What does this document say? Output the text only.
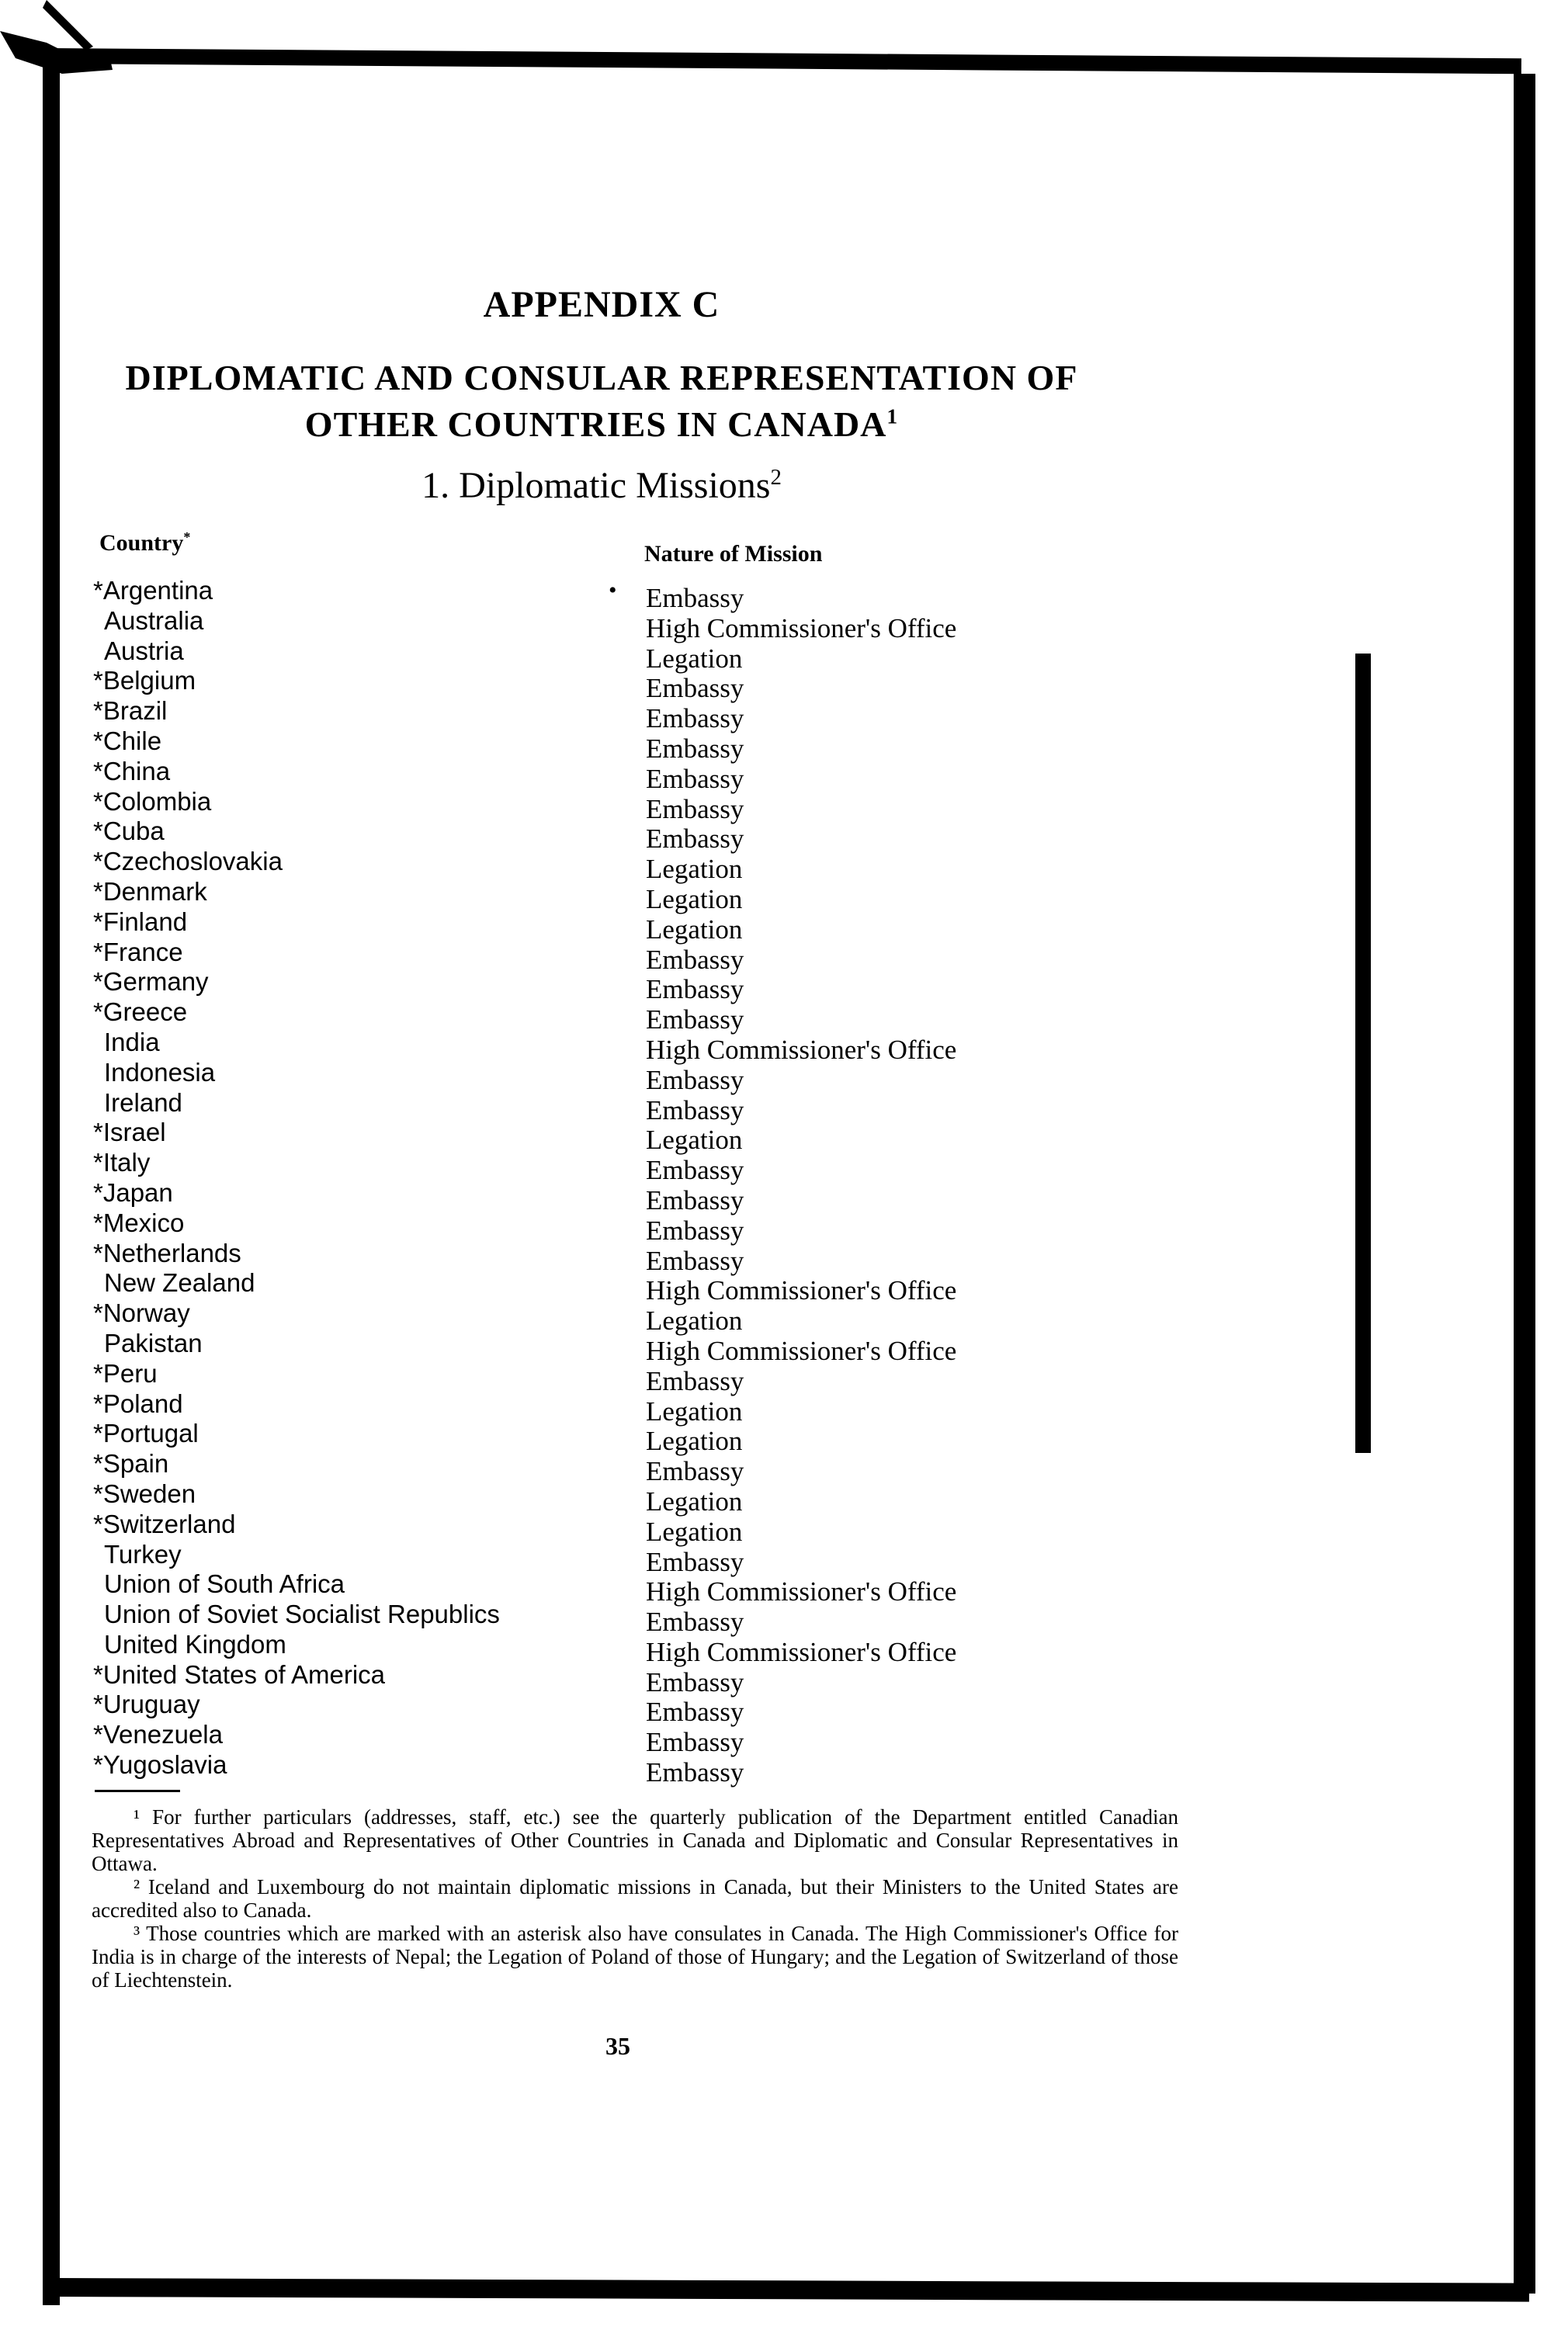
APPENDIX C
DIPLOMATIC AND CONSULAR REPRESENTATION OF
OTHER COUNTRIES IN CANADA$^1$
1. Diplomatic Missions$^2$
Country*
Nature of Mission
•
*Argentina
Australia
Austria
*Belgium
*Brazil
*Chile
*China
*Colombia
*Cuba
*Czechoslovakia
*Denmark
*Finland
*France
*Germany
*Greece
India
Indonesia
Ireland
*Israel
*Italy
*Japan
*Mexico
*Netherlands
New Zealand
*Norway
Pakistan
*Peru
*Poland
*Portugal
*Spain
*Sweden
*Switzerland
Turkey
Union of South Africa
Union of Soviet Socialist Republics
United Kingdom
*United States of America
*Uruguay
*Venezuela
*Yugoslavia
Embassy
High Commissioner's Office
Legation
Embassy
Embassy
Embassy
Embassy
Embassy
Embassy
Legation
Legation
Legation
Embassy
Embassy
Embassy
High Commissioner's Office
Embassy
Embassy
Legation
Embassy
Embassy
Embassy
Embassy
High Commissioner's Office
Legation
High Commissioner's Office
Embassy
Legation
Legation
Embassy
Legation
Legation
Embassy
High Commissioner's Office
Embassy
High Commissioner's Office
Embassy
Embassy
Embassy
Embassy

¹ For further particulars (addresses, staff, etc.) see the quarterly publication of the Department entitled Canadian Representatives Abroad and Representatives of Other Countries in Canada and Diplomatic and Consular Representatives in Ottawa.

² Iceland and Luxembourg do not maintain diplomatic missions in Canada, but their Ministers to the United States are accredited also to Canada.

³ Those countries which are marked with an asterisk also have consulates in Canada. The High Commissioner's Office for India is in charge of the interests of Nepal; the Legation of Poland of those of Hungary; and the Legation of Switzerland of those of Liechtenstein.

35
